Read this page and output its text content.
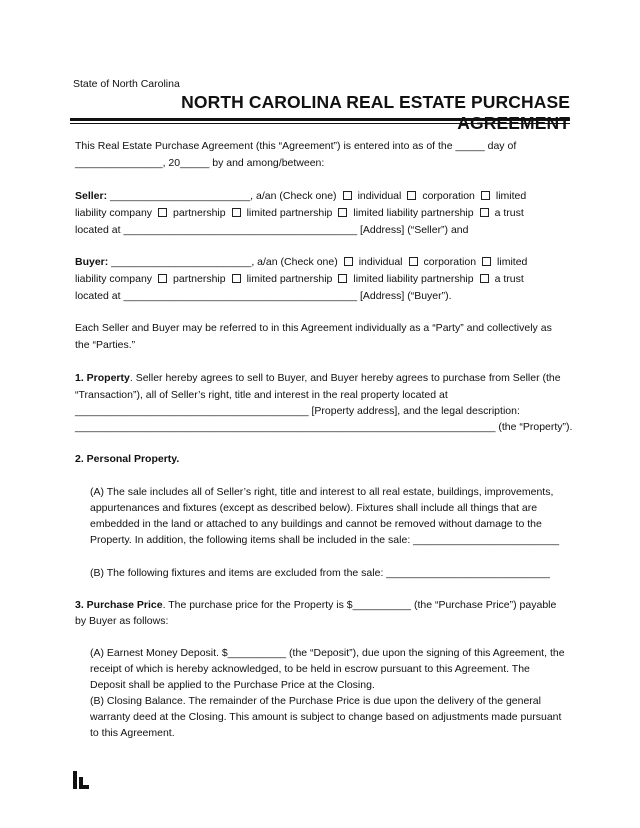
State of North Carolina
NORTH CAROLINA REAL ESTATE PURCHASE AGREEMENT
This Real Estate Purchase Agreement (this “Agreement”) is entered into as of the _____ day of
_______________, 20_____ by and among/between:
Seller: ________________________, a/an (Check one) individual corporation limited
liability company partnership limited partnership limited liability partnership a trust
located at ________________________________________ [Address] (“Seller”) and
Buyer: ________________________, a/an (Check one) individual corporation limited
liability company partnership limited partnership limited liability partnership a trust
located at ________________________________________ [Address] (“Buyer”).
Each Seller and Buyer may be referred to in this Agreement individually as a “Party” and collectively as
the “Parties.”
1. Property. Seller hereby agrees to sell to Buyer, and Buyer hereby agrees to purchase from Seller (the
“Transaction”), all of Seller’s right, title and interest in the real property located at
________________________________________ [Property address], and the legal description:
________________________________________________________________________ (the “Property”).
2. Personal Property.
(A) The sale includes all of Seller’s right, title and interest to all real estate, buildings, improvements,
appurtenances and fixtures (except as described below). Fixtures shall include all things that are
embedded in the land or attached to any buildings and cannot be removed without damage to the
Property. In addition, the following items shall be included in the sale: _________________________
(B) The following fixtures and items are excluded from the sale: ____________________________
3. Purchase Price. The purchase price for the Property is $__________ (the “Purchase Price”) payable
by Buyer as follows:
(A) Earnest Money Deposit. $__________ (the “Deposit”), due upon the signing of this Agreement, the
receipt of which is hereby acknowledged, to be held in escrow pursuant to this Agreement. The
Deposit shall be applied to the Purchase Price at the Closing.
(B) Closing Balance. The remainder of the Purchase Price is due upon the delivery of the general
warranty deed at the Closing. This amount is subject to change based on adjustments made pursuant
to this Agreement.
